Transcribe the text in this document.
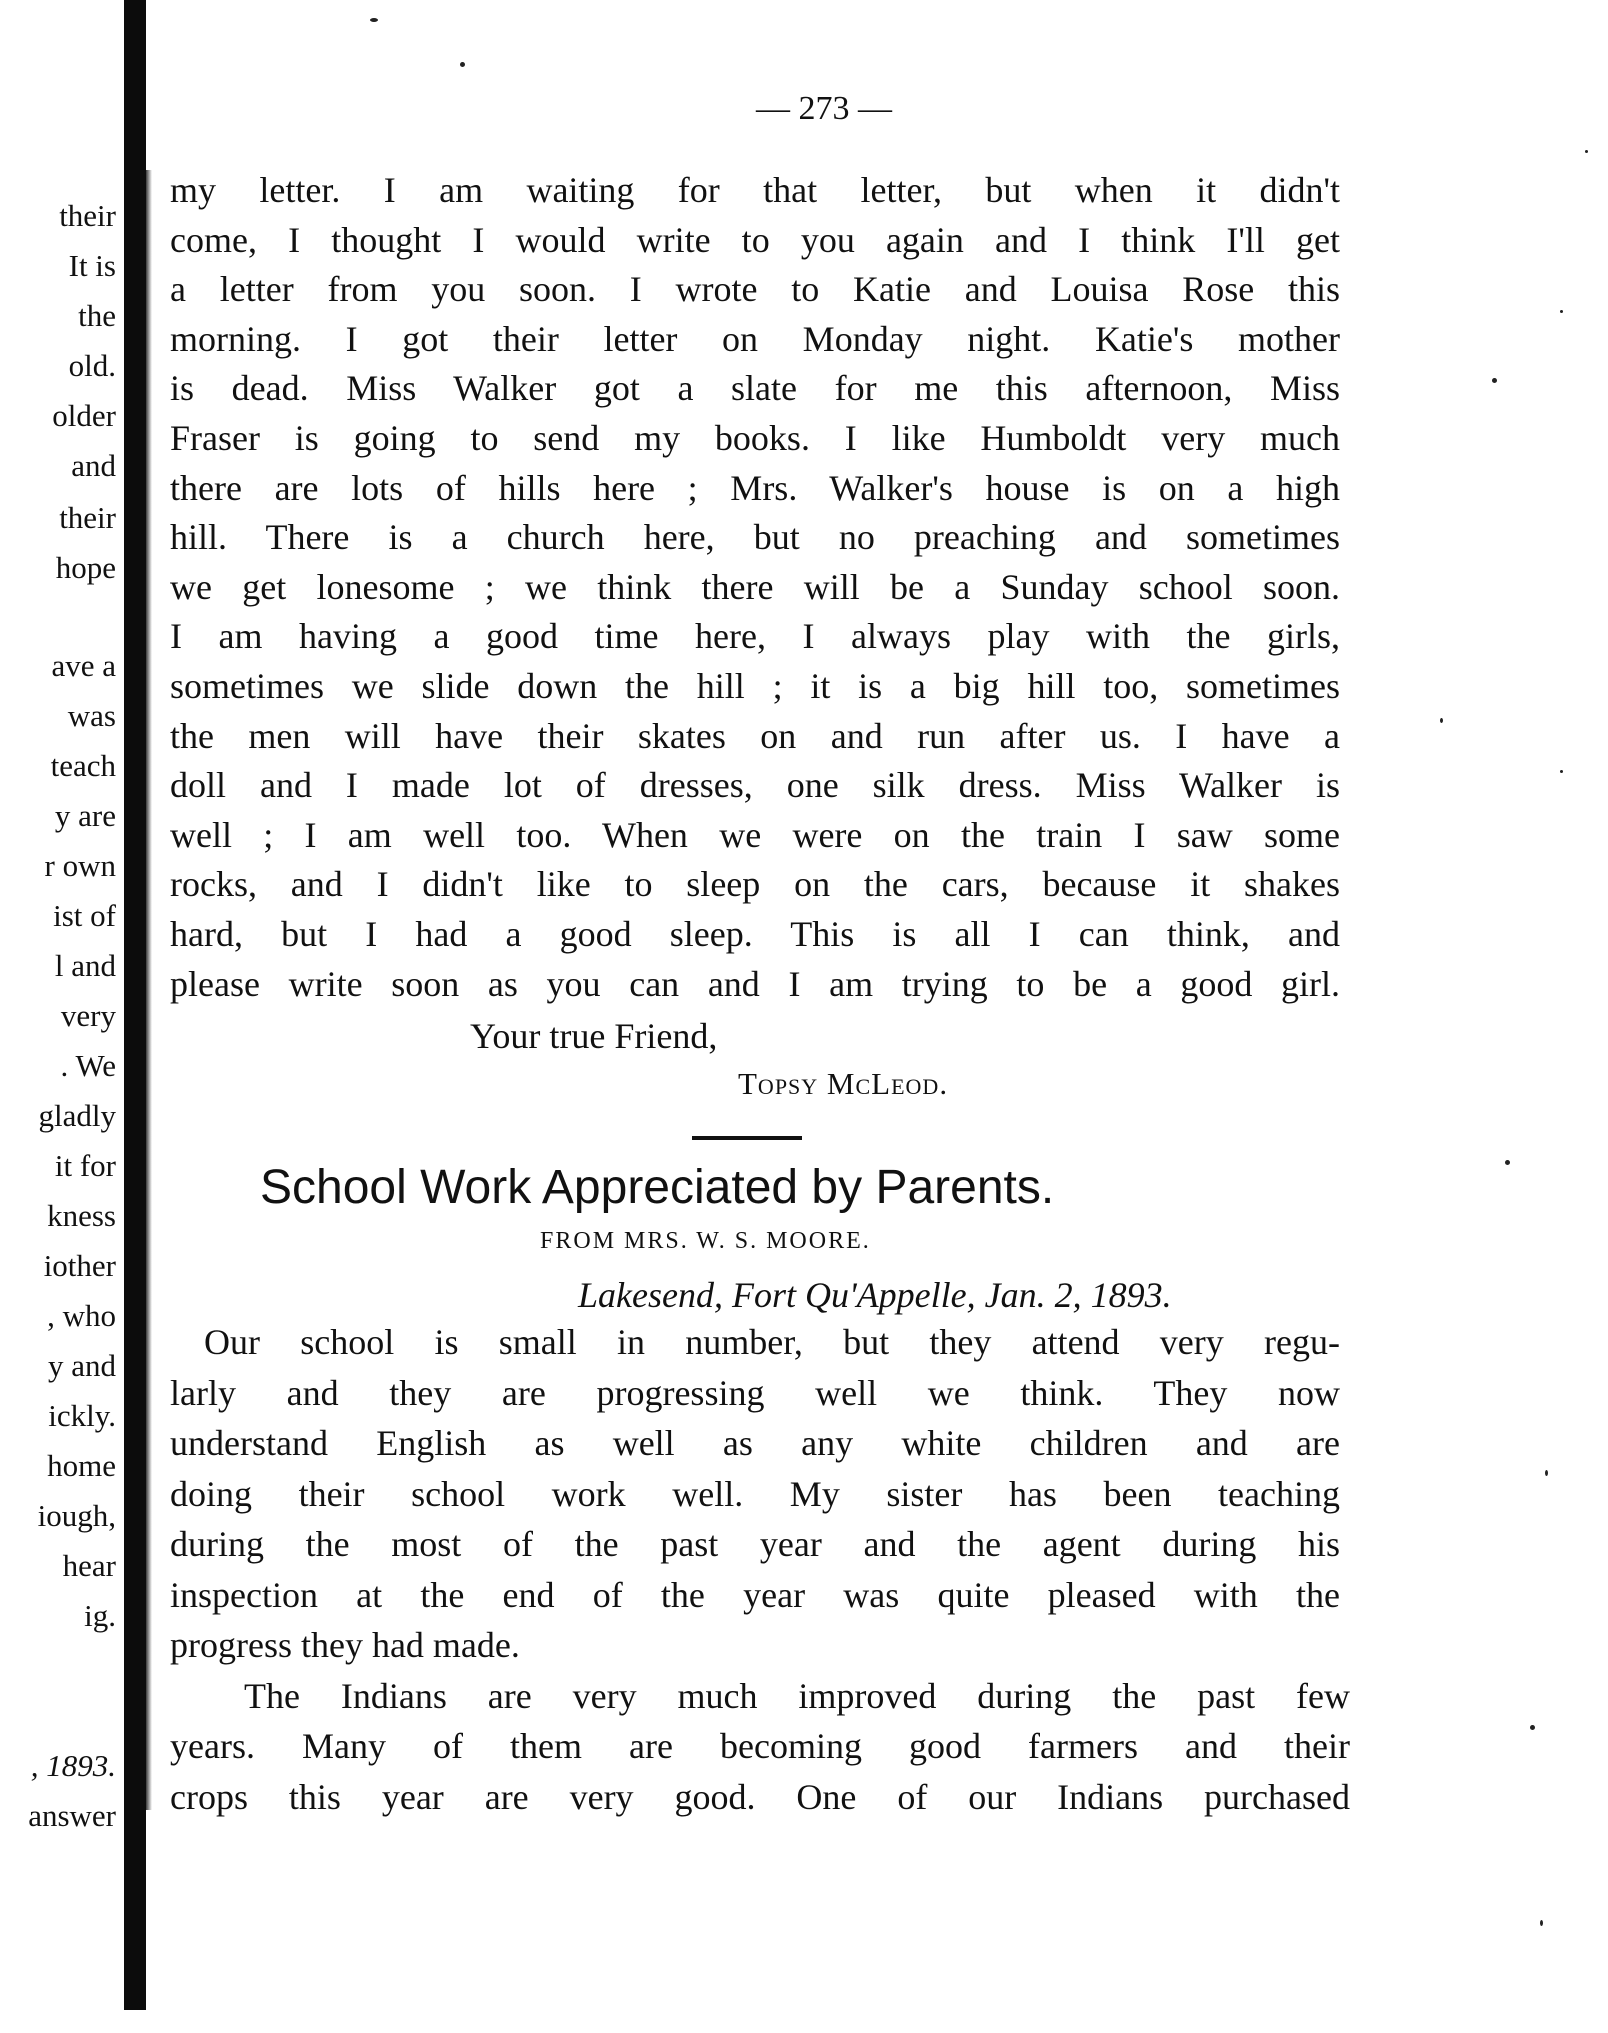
their
It is
the
old.
older
and
their
hope
ave a
was
teach
y are
r own
ist of
l and
very
. We
gladly
it for
kness
iother
, who
y and
ickly.
home
iough,
hear
ig.
, 1893.
answer
— 273 —
my letter. I am waiting for that letter, but when it didn't
come, I thought I would write to you again and I think I'll get
a letter from you soon. I wrote to Katie and Louisa Rose this
morning. I got their letter on Monday night. Katie's mother
is dead. Miss Walker got a slate for me this afternoon, Miss
Fraser is going to send my books. I like Humboldt very much
there are lots of hills here ; Mrs. Walker's house is on a high
hill. There is a church here, but no preaching and sometimes
we get lonesome ; we think there will be a Sunday school soon.
I am having a good time here, I always play with the girls,
sometimes we slide down the hill ; it is a big hill too, sometimes
the men will have their skates on and run after us. I have a
doll and I made lot of dresses, one silk dress. Miss Walker is
well ; I am well too. When we were on the train I saw some
rocks, and I didn't like to sleep on the cars, because it shakes
hard, but I had a good sleep. This is all I can think, and
please write soon as you can and I am trying to be a good girl.
Your true Friend,
Topsy McLeod.
School Work Appreciated by Parents.
FROM MRS. W. S. MOORE.
Lakesend, Fort Qu'Appelle, Jan. 2, 1893.
Our school is small in number, but they attend very regu-
larly and they are progressing well we think. They now
understand English as well as any white children and are
doing their school work well. My sister has been teaching
during the most of the past year and the agent during his
inspection at the end of the year was quite pleased with the
progress they had made.
The Indians are very much improved during the past few
years. Many of them are becoming good farmers and their
crops this year are very good. One of our Indians purchased
